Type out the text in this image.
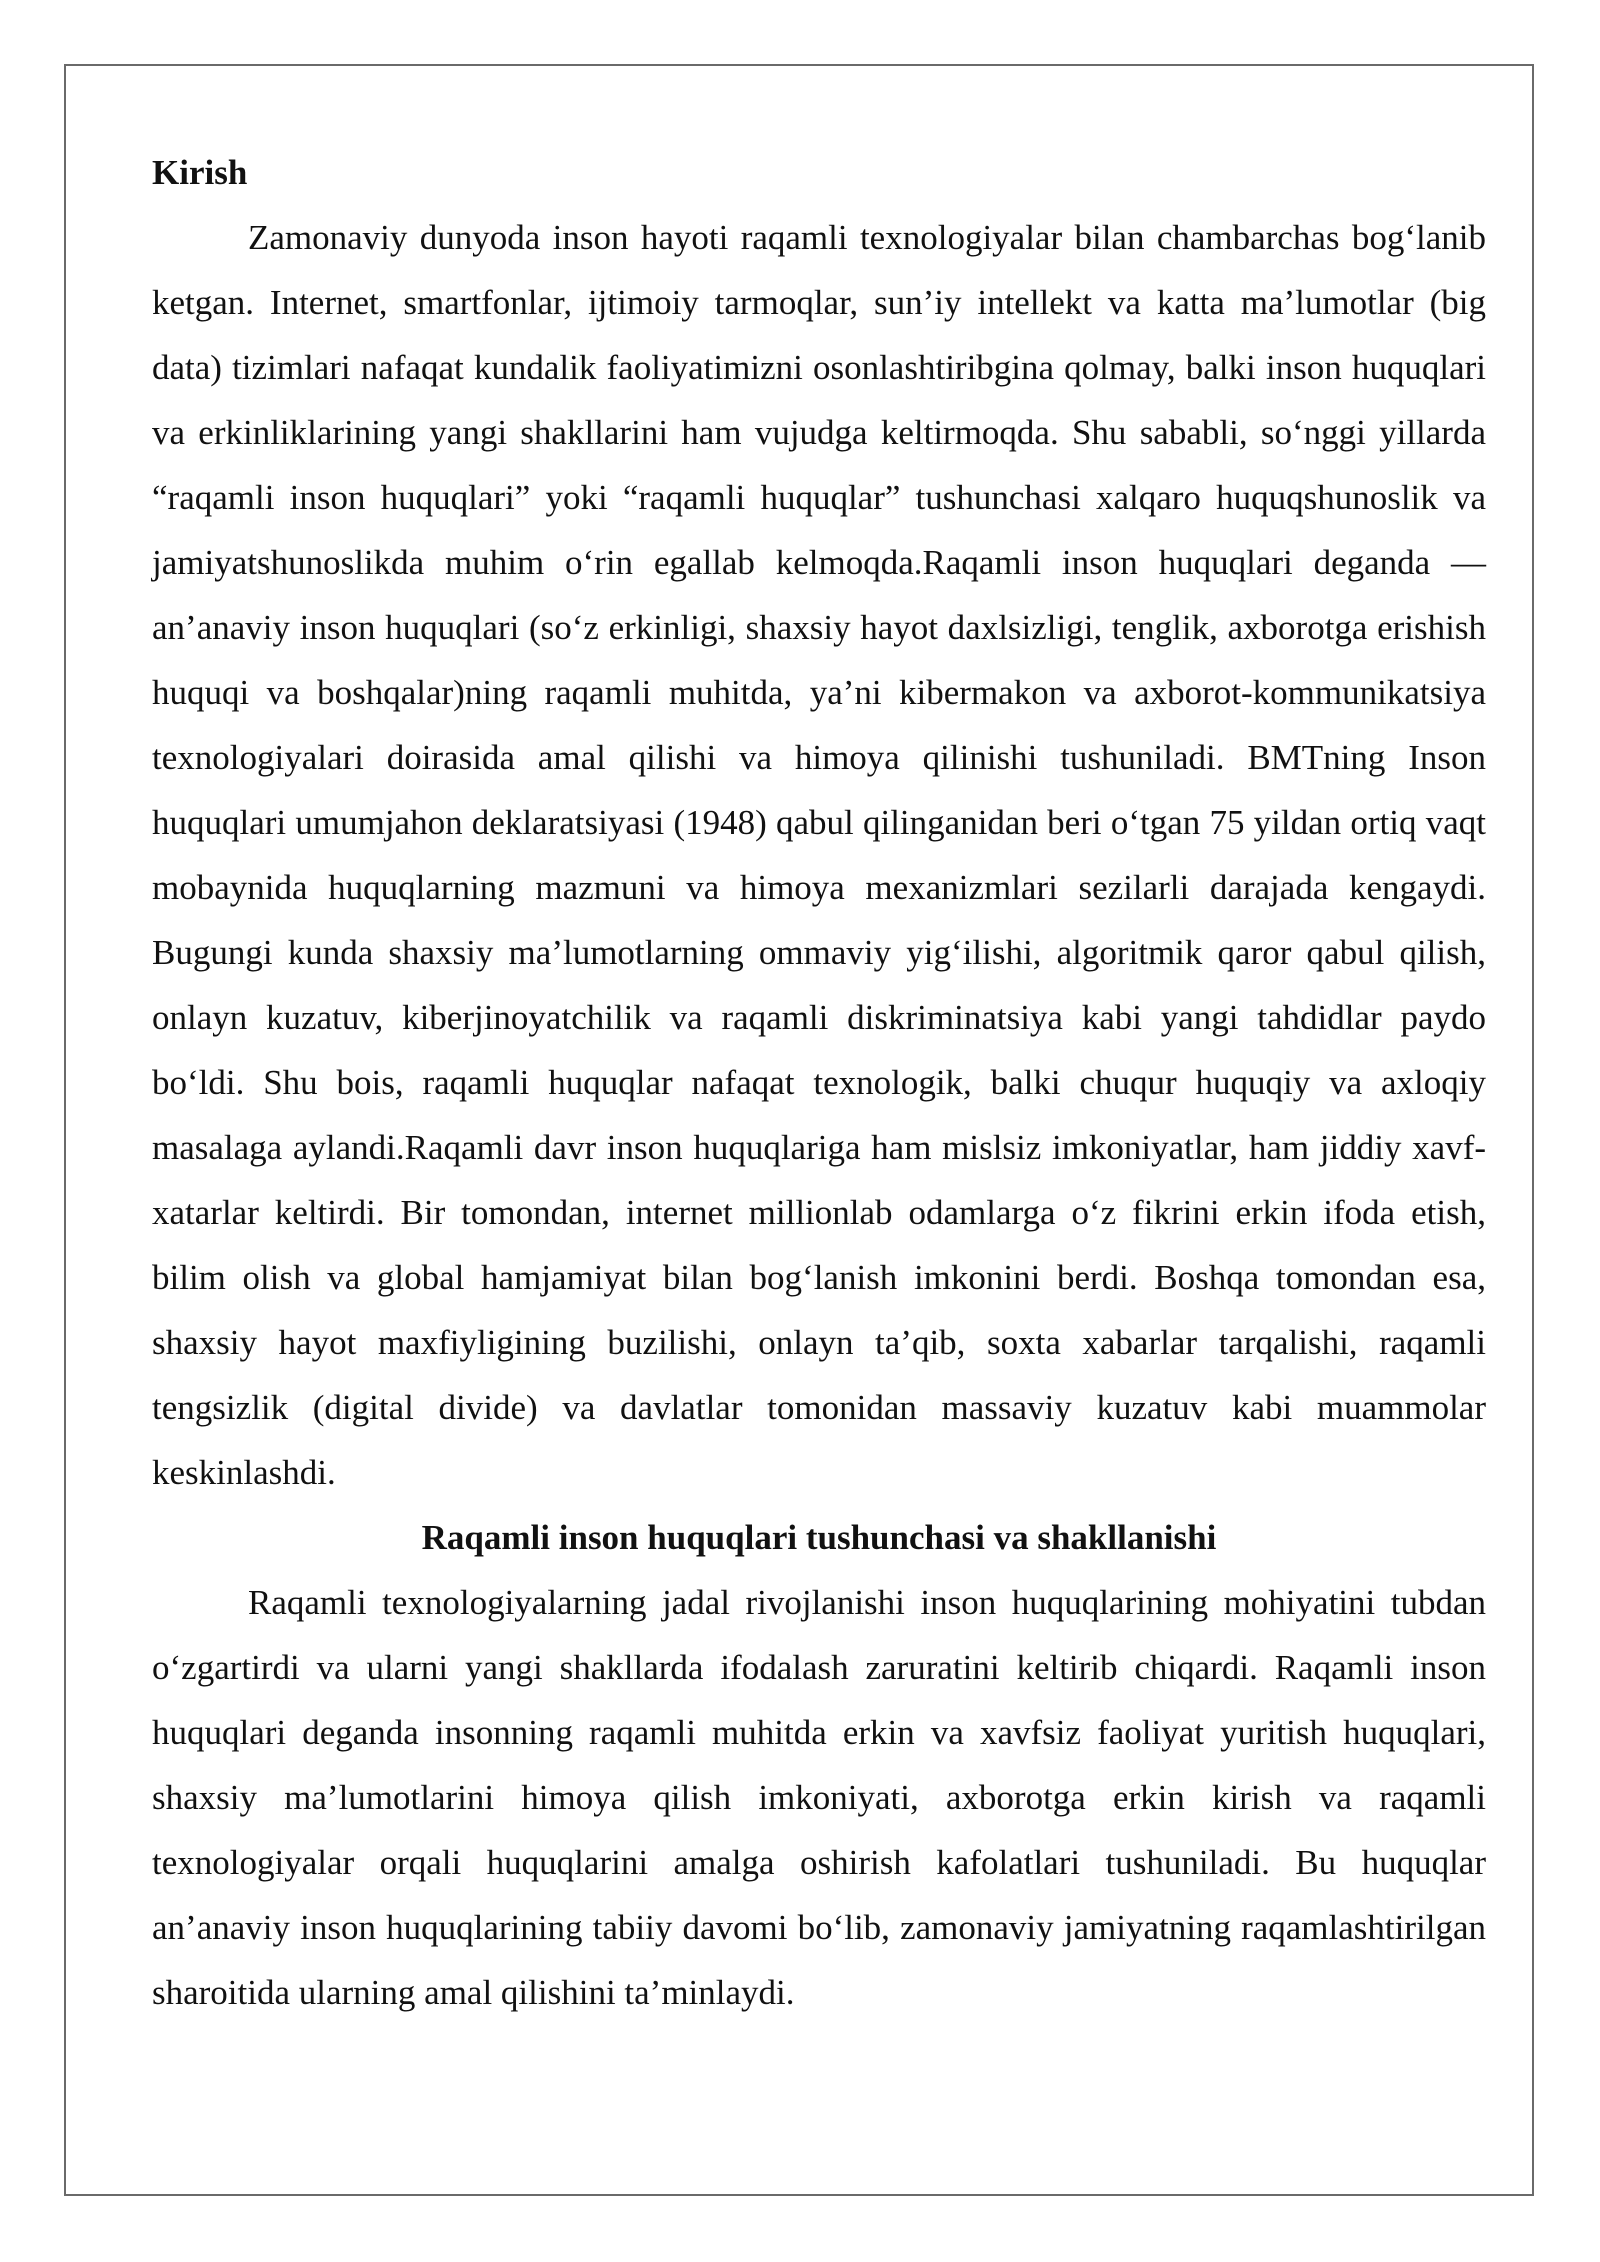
Kirish

Zamonaviy dunyoda inson hayoti raqamli texnologiyalar bilan chambarchas bog‘lanib ketgan. Internet, smartfonlar, ijtimoiy tarmoqlar, sun’iy intellekt va katta ma’lumotlar (big data) tizimlari nafaqat kundalik faoliyatimizni osonlashtiribgina qolmay, balki inson huquqlari va erkinliklarining yangi shakllarini ham vujudga keltirmoqda. Shu sababli, so‘nggi yillarda “raqamli inson huquqlari” yoki “raqamli huquqlar” tushunchasi xalqaro huquqshunoslik va jamiyatshunoslikda muhim o‘rin egallab kelmoqda.Raqamli inson huquqlari deganda — an’anaviy inson huquqlari (so‘z erkinligi, shaxsiy hayot daxlsizligi, tenglik, axborotga erishish huquqi va boshqalar)ning raqamli muhitda, ya’ni kibermakon va axborot-kommunikatsiya texnologiyalari doirasida amal qilishi va himoya qilinishi tushuniladi. BMTning Inson huquqlari umumjahon deklaratsiyasi (1948) qabul qilinganidan beri o‘tgan 75 yildan ortiq vaqt mobaynida huquqlarning mazmuni va himoya mexanizmlari sezilarli darajada kengaydi. Bugungi kunda shaxsiy ma’lumotlarning ommaviy yig‘ilishi, algoritmik qaror qabul qilish, onlayn kuzatuv, kiberjinoyatchilik va raqamli diskriminatsiya kabi yangi tahdidlar paydo bo‘ldi. Shu bois, raqamli huquqlar nafaqat texnologik, balki chuqur huquqiy va axloqiy masalaga aylandi.Raqamli davr inson huquqlariga ham mislsiz imkoniyatlar, ham jiddiy xavf-xatarlar keltirdi. Bir tomondan, internet millionlab odamlarga o‘z fikrini erkin ifoda etish, bilim olish va global hamjamiyat bilan bog‘lanish imkonini berdi. Boshqa tomondan esa, shaxsiy hayot maxfiyligining buzilishi, onlayn ta’qib, soxta xabarlar tarqalishi, raqamli tengsizlik (digital divide) va davlatlar tomonidan massaviy kuzatuv kabi muammolar keskinlashdi.

Raqamli inson huquqlari tushunchasi va shakllanishi

Raqamli texnologiyalarning jadal rivojlanishi inson huquqlarining mohiyatini tubdan o‘zgartirdi va ularni yangi shakllarda ifodalash zaruratini keltirib chiqardi. Raqamli inson huquqlari deganda insonning raqamli muhitda erkin va xavfsiz faoliyat yuritish huquqlari, shaxsiy ma’lumotlarini himoya qilish imkoniyati, axborotga erkin kirish va raqamli texnologiyalar orqali huquqlarini amalga oshirish kafolatlari tushuniladi. Bu huquqlar an’anaviy inson huquqlarining tabiiy davomi bo‘lib, zamonaviy jamiyatning raqamlashtirilgan sharoitida ularning amal qilishini ta’minlaydi.
